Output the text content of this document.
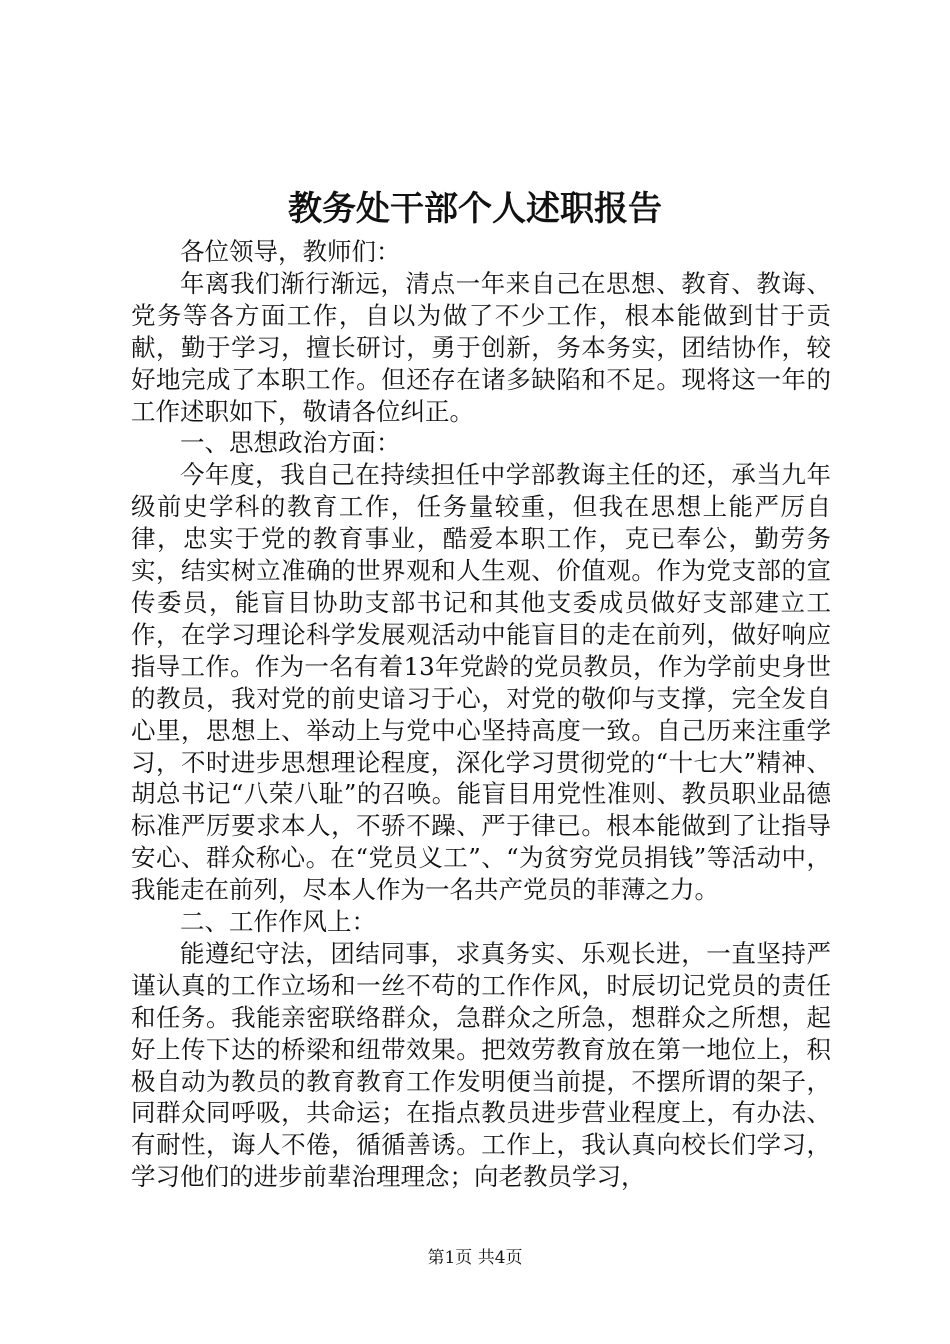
教务处干部个人述职报告

各位领导，教师们：

年离我们渐行渐远，清点一年来自己在思想、教育、教诲、党务等各方面工作，自以为做了不少工作，根本能做到甘于贡献，勤于学习，擅长研讨，勇于创新，务本务实，团结协作，较好地完成了本职工作。但还存在诸多缺陷和不足。现将这一年的工作述职如下，敬请各位纠正。

一、思想政治方面：

今年度，我自己在持续担任中学部教诲主任的还，承当九年级前史学科的教育工作，任务量较重，但我在思想上能严厉自律，忠实于党的教育事业，酷爱本职工作，克已奉公，勤劳务实，结实树立准确的世界观和人生观、价值观。作为党支部的宣传委员，能盲目协助支部书记和其他支委成员做好支部建立工作，在学习理论科学发展观活动中能盲目的走在前列，做好响应指导工作。作为一名有着13年党龄的党员教员，作为学前史身世的教员，我对党的前史谙习于心，对党的敬仰与支撑，完全发自心里，思想上、举动上与党中心坚持高度一致。自己历来注重学习，不时进步思想理论程度，深化学习贯彻党的“十七大”精神、胡总书记“八荣八耻”的召唤。能盲目用党性准则、教员职业品德标准严厉要求本人，不骄不躁、严于律已。根本能做到了让指导安心、群众称心。在“党员义工”、“为贫穷党员捐钱”等活动中，我能走在前列，尽本人作为一名共产党员的菲薄之力。

二、工作作风上：

能遵纪守法，团结同事，求真务实、乐观长进，一直坚持严谨认真的工作立场和一丝不苟的工作作风，时辰切记党员的责任和任务。我能亲密联络群众，急群众之所急，想群众之所想，起好上传下达的桥梁和纽带效果。把效劳教育放在第一地位上，积极自动为教员的教育教育工作发明便当前提，不摆所谓的架子，同群众同呼吸，共命运；在指点教员进步营业程度上，有办法、有耐性，诲人不倦，循循善诱。工作上，我认真向校长们学习，学习他们的进步前辈治理理念；向老教员学习，

第1页 共4页
